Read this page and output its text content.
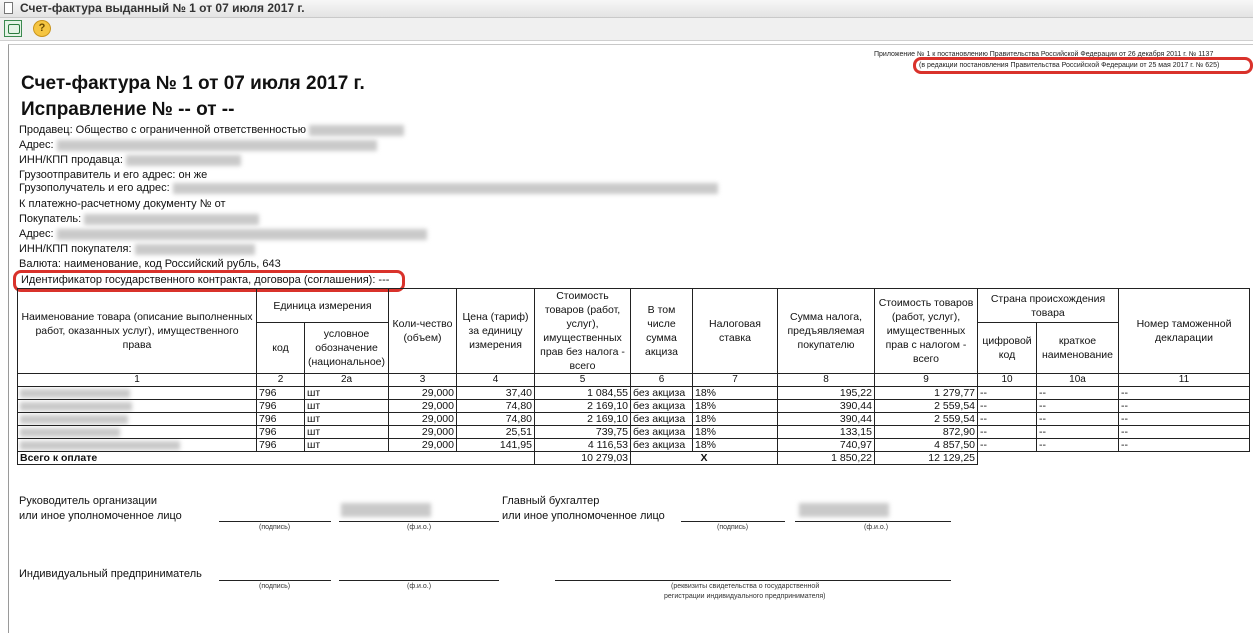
Счет-фактура выданный № 1 от 07 июля 2017 г.
?
Приложение № 1 к постановлению Правительства Российской Федерации от 26 декабря 2011 г. № 1137
(в редакции постановления Правительства Российской Федерации от 25 мая 2017 г. № 625)
Счет-фактура № 1 от 07 июля 2017 г.
Исправление № -- от --
Продавец: Общество с ограниченной ответственностью
Адрес:
ИНН/КПП продавца:
Грузоотправитель и его адрес: он же
Грузополучатель и его адрес:
К платежно-расчетному документу № от
Покупатель:
Адрес:
ИНН/КПП покупателя:
Валюта: наименование, код Российский рубль, 643
Идентификатор государственного контракта, договора (соглашения): ---
Наименование товара (описание выполненных работ, оказанных услуг), имущественного права	Единица измерения		Коли-чество (объем)	Цена (тариф) за единицу измерения	Стоимость товаров (работ, услуг), имущественных прав без налога - всего	В том числе сумма акциза	Налоговая ставка	Сумма налога, предъявляемая покупателю	Стоимость товаров (работ, услуг), имущественных прав с налогом - всего	Страна происхождения товара		Номер таможенной декларации
	код	условное обозначение (национальное)								цифровой код	краткое наименование	
1	2	2а	3	4	5	6	7	8	9	10	10а	11
	796	шт	29,000	37,40	1 084,55	без акциза	18%	195,22	1 279,77	--	--	--
	796	шт	29,000	74,80	2 169,10	без акциза	18%	390,44	2 559,54	--	--	--
	796	шт	29,000	74,80	2 169,10	без акциза	18%	390,44	2 559,54	--	--	--
	796	шт	29,000	25,51	739,75	без акциза	18%	133,15	872,90	--	--	--
	796	шт	29,000	141,95	4 116,53	без акциза	18%	740,97	4 857,50	--	--	--
Всего к оплате					10 279,03	X		1 850,22	12 129,25			
Руководитель организации
или иное уполномоченное лицо
(подпись)	(ф.и.о.)
Главный бухгалтер
или иное уполномоченное лицо
(подпись)	(ф.и.о.)
Индивидуальный предприниматель
(подпись)	(ф.и.о.)	(реквизиты свидетельства о государственной
регистрации индивидуального предпринимателя)
